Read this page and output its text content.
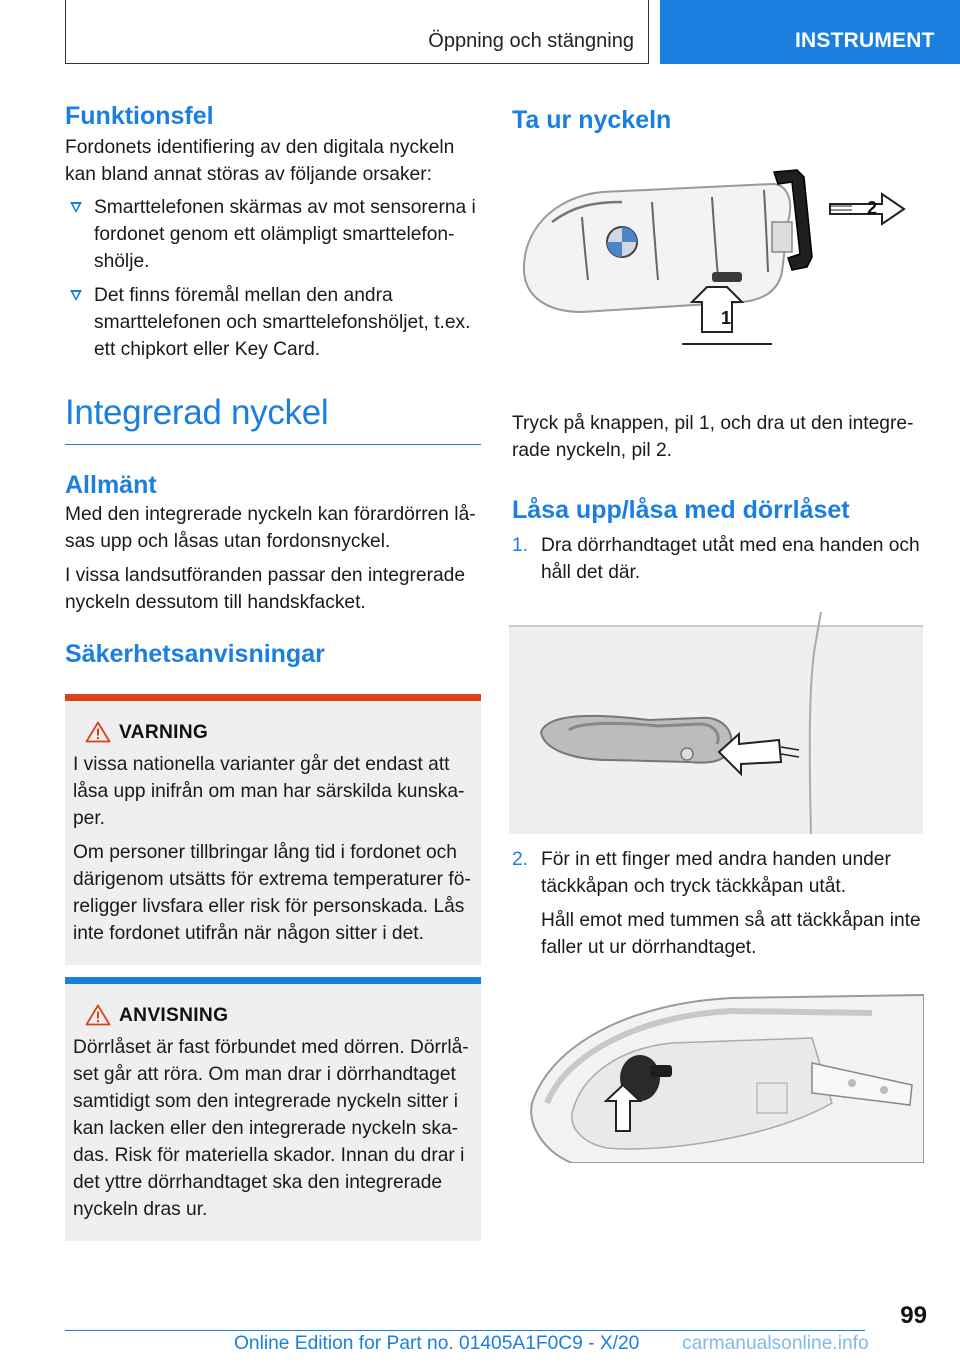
Öppning och stängning	INSTRUMENT
Funktionsfel

Fordonets identifiering av den digitala nyckeln kan bland annat störas av följande orsaker:

Smarttelefonen skärmas av mot sensorerna i fordonet genom ett olämpligt smarttelefonshölje.
Det finns föremål mellan den andra smarttelefonen och smarttelefonshöljet, t.ex. ett chipkort eller Key Card.
Integrerad nyckel
Allmänt

Med den integrerade nyckeln kan förardörren låsas upp och låsas utan fordonsnyckel.

I vissa landsutföranden passar den integrerade nyckeln dessutom till handskfacket.

Säkerhetsanvisningar
VARNING

I vissa nationella varianter går det endast att låsa upp inifrån om man har särskilda kunskaper.

Om personer tillbringar lång tid i fordonet och därigenom utsätts för extrema temperaturer föreligger livsfara eller risk för personskada. Lås inte fordonet utifrån när någon sitter i det.

ANVISNING

Dörrlåset är fast förbundet med dörren. Dörrlåset går att röra. Om man drar i dörrhandtaget samtidigt som den integrerade nyckeln sitter i kan lacken eller den integrerade nyckeln skadas. Risk för materiella skador. Innan du drar i det yttre dörrhandtaget ska den integrerade nyckeln dras ur.

Ta ur nyckeln
2
1

Tryck på knappen, pil 1, och dra ut den integrerade nyckeln, pil 2.

Låsa upp/låsa med dörrlåset
1. Dra dörrhandtaget utåt med ena handen och håll det där.

2. För in ett finger med andra handen under täckkåpan och tryck täckkåpan utåt.

Håll emot med tummen så att täckkåpan inte faller ut ur dörrhandtaget.

99
Online Edition for Part no. 01405A1F0C9 - X/20 carmanualsonline.info
